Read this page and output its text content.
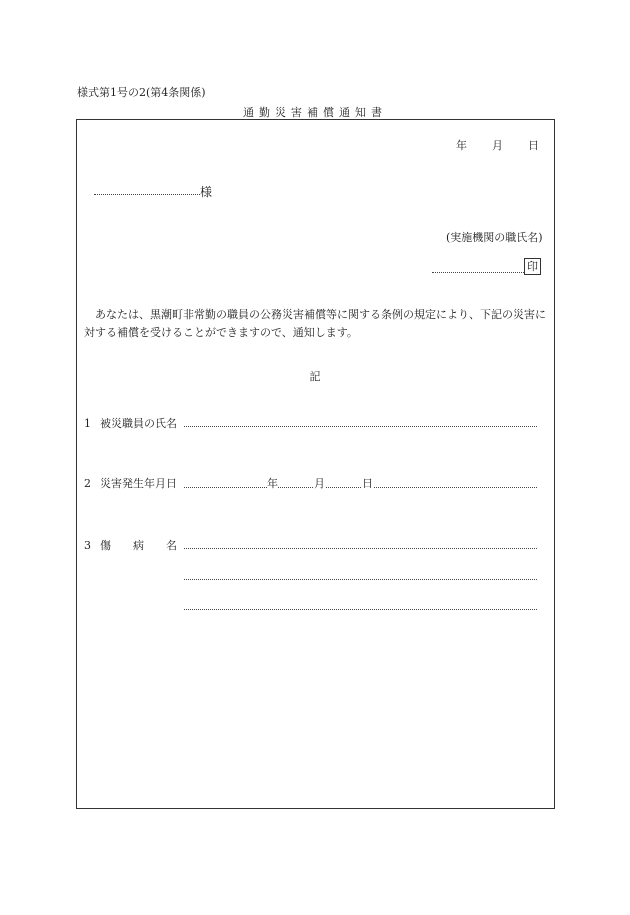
様式第1号の2(第4条関係)
通勤災害補償通知書
年 月 日
様
(実施機関の職氏名)
印
あなたは、黒潮町非常勤の職員の公務災害補償等に関する条例の規定により、下記の災害に対する補償を受けることができますので、通知します。
記
1 被災職員の氏名
2 災害発生年月日	年	月	日
3 傷　　病　　名
